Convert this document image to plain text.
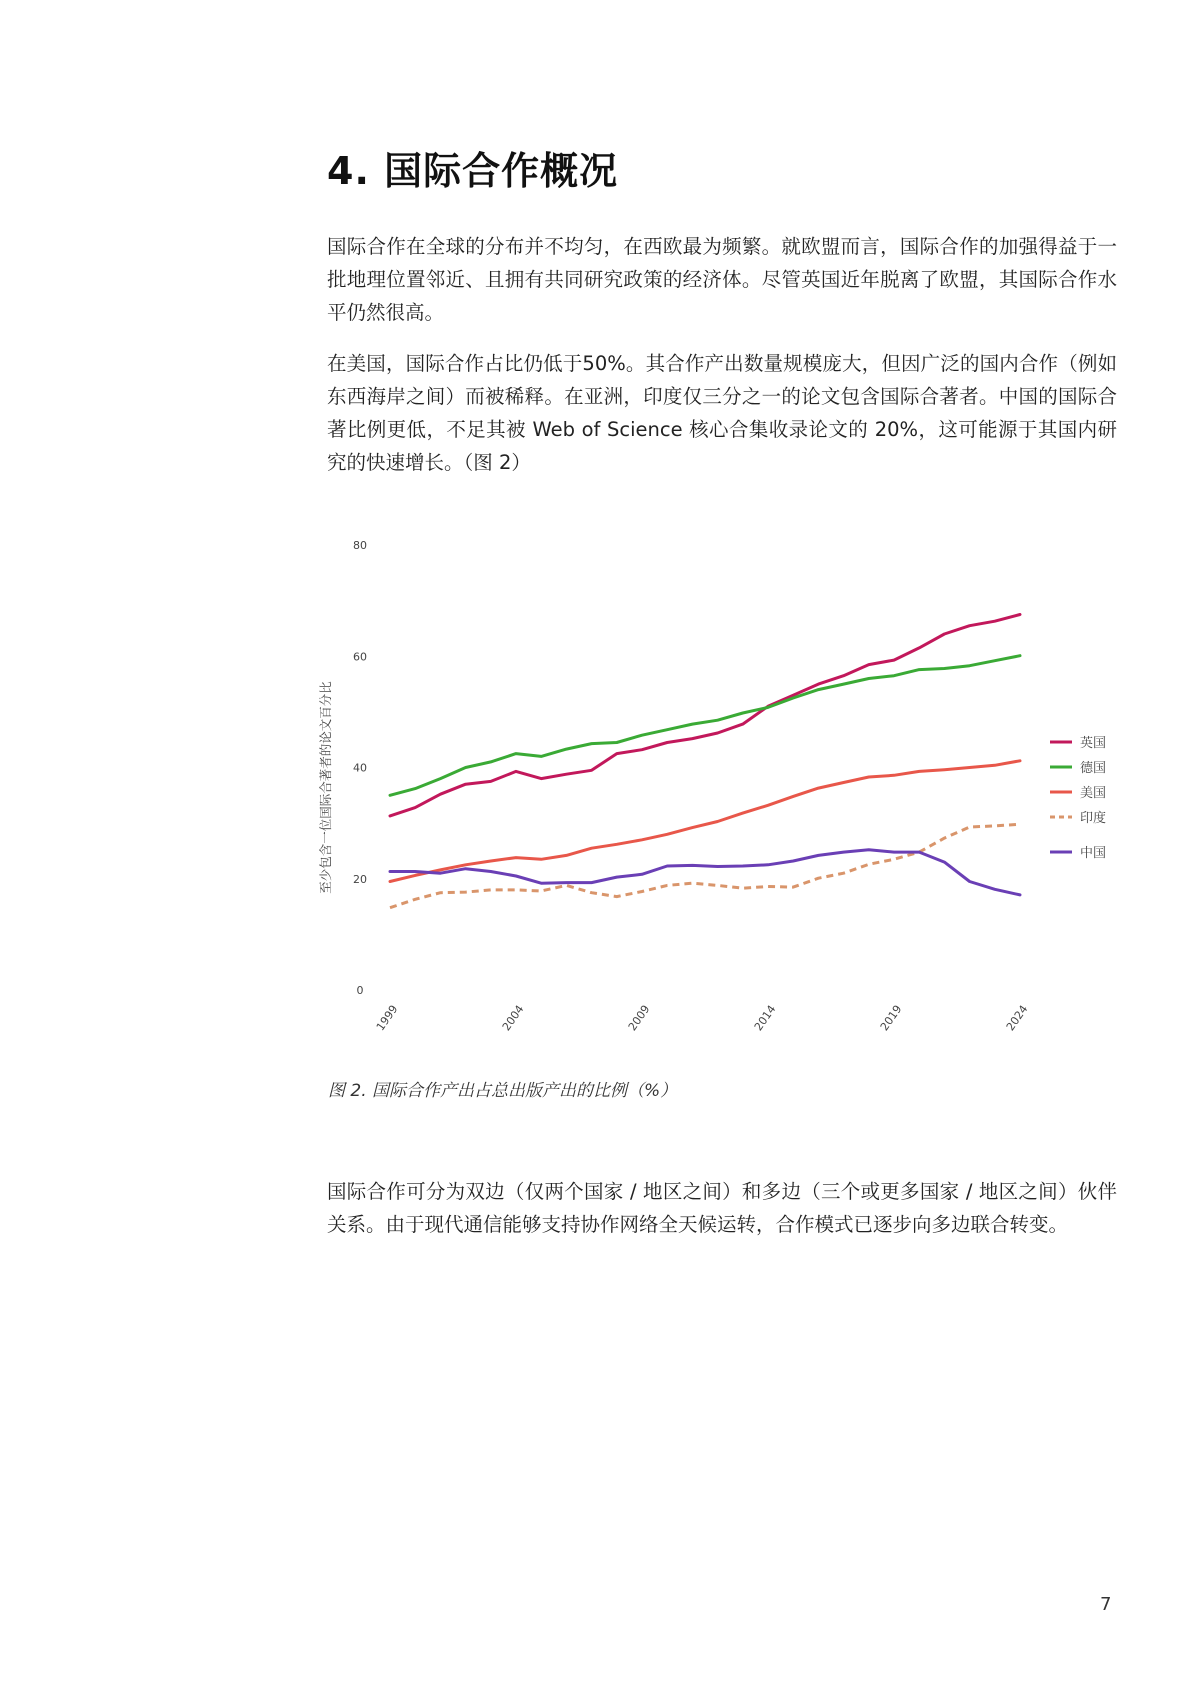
4. 国际合作概况

国际合作在全球的分布并不均匀，在西欧最为频繁。就欧盟而言，国际合作的加强得益于一批地理位置邻近、且拥有共同研究政策的经济体。尽管英国近年脱离了欧盟，其国际合作水平仍然很高。

在美国，国际合作占比仍低于50%。其合作产出数量规模庞大，但因广泛的国内合作（例如东西海岸之间）而被稀释。在亚洲，印度仅三分之一的论文包含国际合著者。中国的国际合著比例更低，不足其被 Web of Science 核心合集收录论文的 20%，这可能源于其国内研究的快速增长。（图 2）

0
20
40
60
80
1999	2004	2009	2014	2019	2024
至少包含一位国际合著者的论文百分比	英国
德国
美国
印度
中国

图 2. 国际合作产出占总出版产出的比例（%）

国际合作可分为双边（仅两个国家 / 地区之间）和多边（三个或更多国家 / 地区之间）伙伴关系。由于现代通信能够支持协作网络全天候运转，合作模式已逐步向多边联合转变。

7
